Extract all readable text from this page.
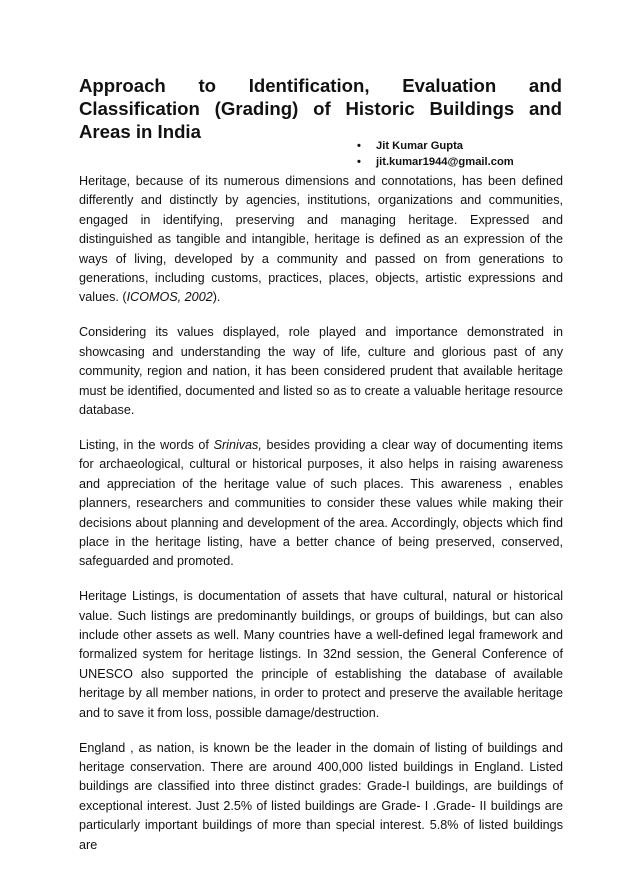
Approach to Identification, Evaluation and Classification (Grading) of Historic Buildings and Areas in India
• Jit Kumar Gupta
• jit.kumar1944@gmail.com

Heritage, because of its numerous dimensions and connotations, has been defined differently and distinctly by agencies, institutions, organizations and communities, engaged in identifying, preserving and managing heritage. Expressed and distinguished as tangible and intangible, heritage is defined as an expression of the ways of living, developed by a community and passed on from generations to generations, including customs, practices, places, objects, artistic expressions and values. (ICOMOS, 2002).

Considering its values displayed, role played and importance demonstrated in showcasing and understanding the way of life, culture and glorious past of any community, region and nation, it has been considered prudent that available heritage must be identified, documented and listed so as to create a valuable heritage resource database.

Listing, in the words of Srinivas, besides providing a clear way of documenting items for archaeological, cultural or historical purposes, it also helps in raising awareness and appreciation of the heritage value of such places. This awareness , enables planners, researchers and communities to consider these values while making their decisions about planning and development of the area. Accordingly, objects which find place in the heritage listing, have a better chance of being preserved, conserved, safeguarded and promoted.

Heritage Listings, is documentation of assets that have cultural, natural or historical value. Such listings are predominantly buildings, or groups of buildings, but can also include other assets as well. Many countries have a well-defined legal framework and formalized system for heritage listings. In 32nd session, the General Conference of UNESCO also supported the principle of establishing the database of available heritage by all member nations, in order to protect and preserve the available heritage and to save it from loss, possible damage/destruction.

England , as nation, is known be the leader in the domain of listing of buildings and heritage conservation. There are around 400,000 listed buildings in England. Listed buildings are classified into three distinct grades: Grade-I buildings, are buildings of exceptional interest. Just 2.5% of listed buildings are Grade- I .Grade- II buildings are particularly important buildings of more than special interest. 5.8% of listed buildings are
